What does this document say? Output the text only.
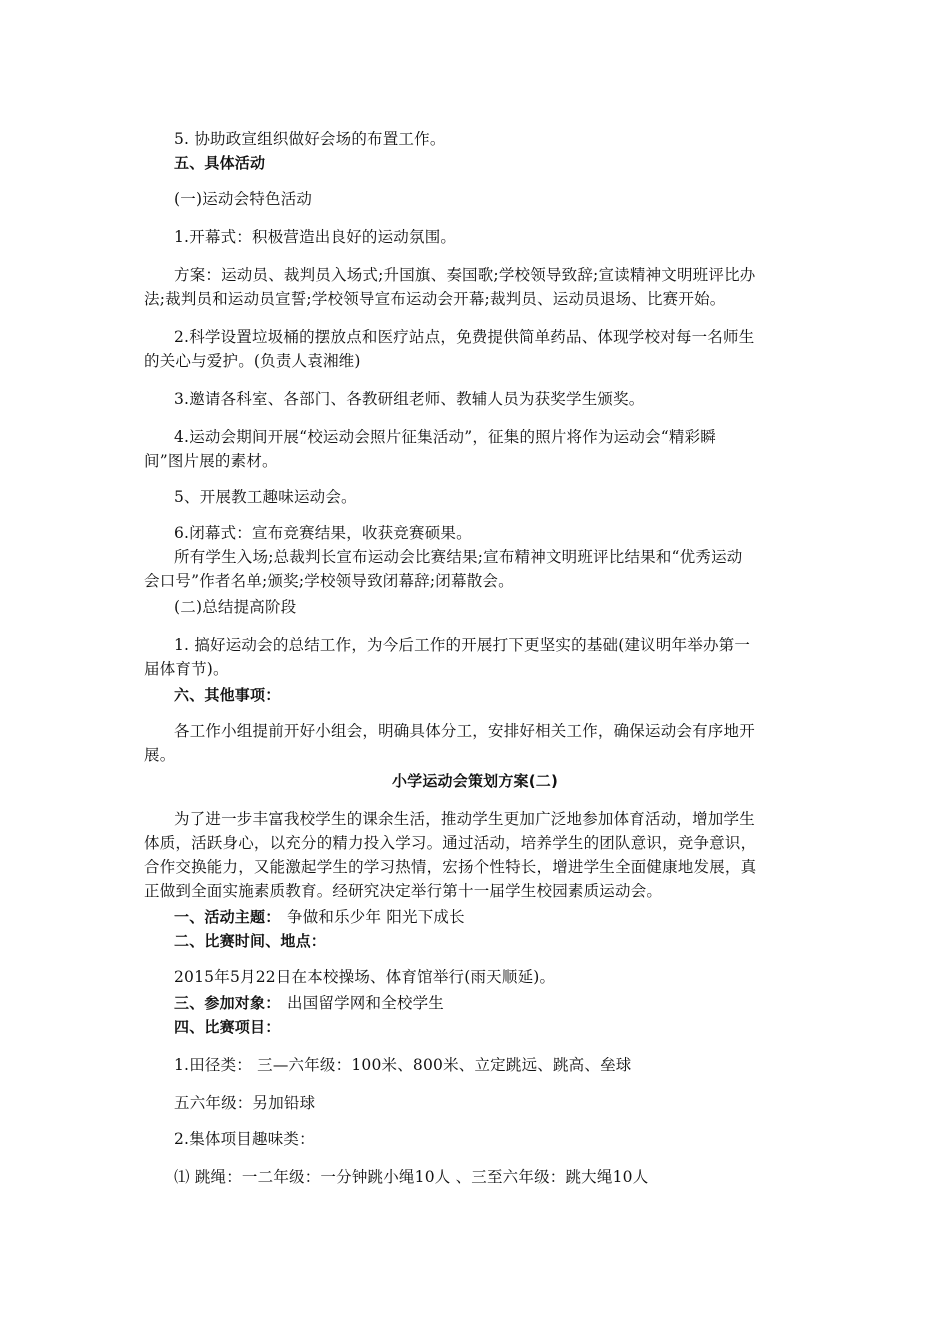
5. 协助政宣组织做好会场的布置工作。
五、具体活动
(一)运动会特色活动
1.开幕式：积极营造出良好的运动氛围。
方案：运动员、裁判员入场式;升国旗、奏国歌;学校领导致辞;宣读精神文明班评比办
法;裁判员和运动员宣誓;学校领导宣布运动会开幕;裁判员、运动员退场、比赛开始。
2.科学设置垃圾桶的摆放点和医疗站点，免费提供简单药品、体现学校对每一名师生
的关心与爱护。(负责人袁湘维)
3.邀请各科室、各部门、各教研组老师、教辅人员为获奖学生颁奖。
4.运动会期间开展“校运动会照片征集活动”，征集的照片将作为运动会“精彩瞬
间”图片展的素材。
5、开展教工趣味运动会。
6.闭幕式：宣布竞赛结果，收获竞赛硕果。
所有学生入场;总裁判长宣布运动会比赛结果;宣布精神文明班评比结果和“优秀运动
会口号”作者名单;颁奖;学校领导致闭幕辞;闭幕散会。
(二)总结提高阶段
1. 搞好运动会的总结工作，为今后工作的开展打下更坚实的基础(建议明年举办第一
届体育节)。
六、其他事项：
各工作小组提前开好小组会，明确具体分工，安排好相关工作，确保运动会有序地开
展。
小学运动会策划方案(二)
为了进一步丰富我校学生的课余生活，推动学生更加广泛地参加体育活动，增加学生
体质，活跃身心，以充分的精力投入学习。通过活动，培养学生的团队意识，竞争意识，
合作交换能力，又能激起学生的学习热情，宏扬个性特长，增进学生全面健康地发展，真
正做到全面实施素质教育。经研究决定举行第十一届学生校园素质运动会。
一、活动主题： 争做和乐少年 阳光下成长
二、比赛时间、地点：
2015年5月22日在本校操场、体育馆举行(雨天顺延)。
三、参加对象： 出国留学网和全校学生
四、比赛项目：
1.田径类： 三—六年级：100米、800米、立定跳远、跳高、垒球
五六年级：另加铅球
2.集体项目趣味类：
⑴ 跳绳：一二年级：一分钟跳小绳10人 、三至六年级：跳大绳10人
